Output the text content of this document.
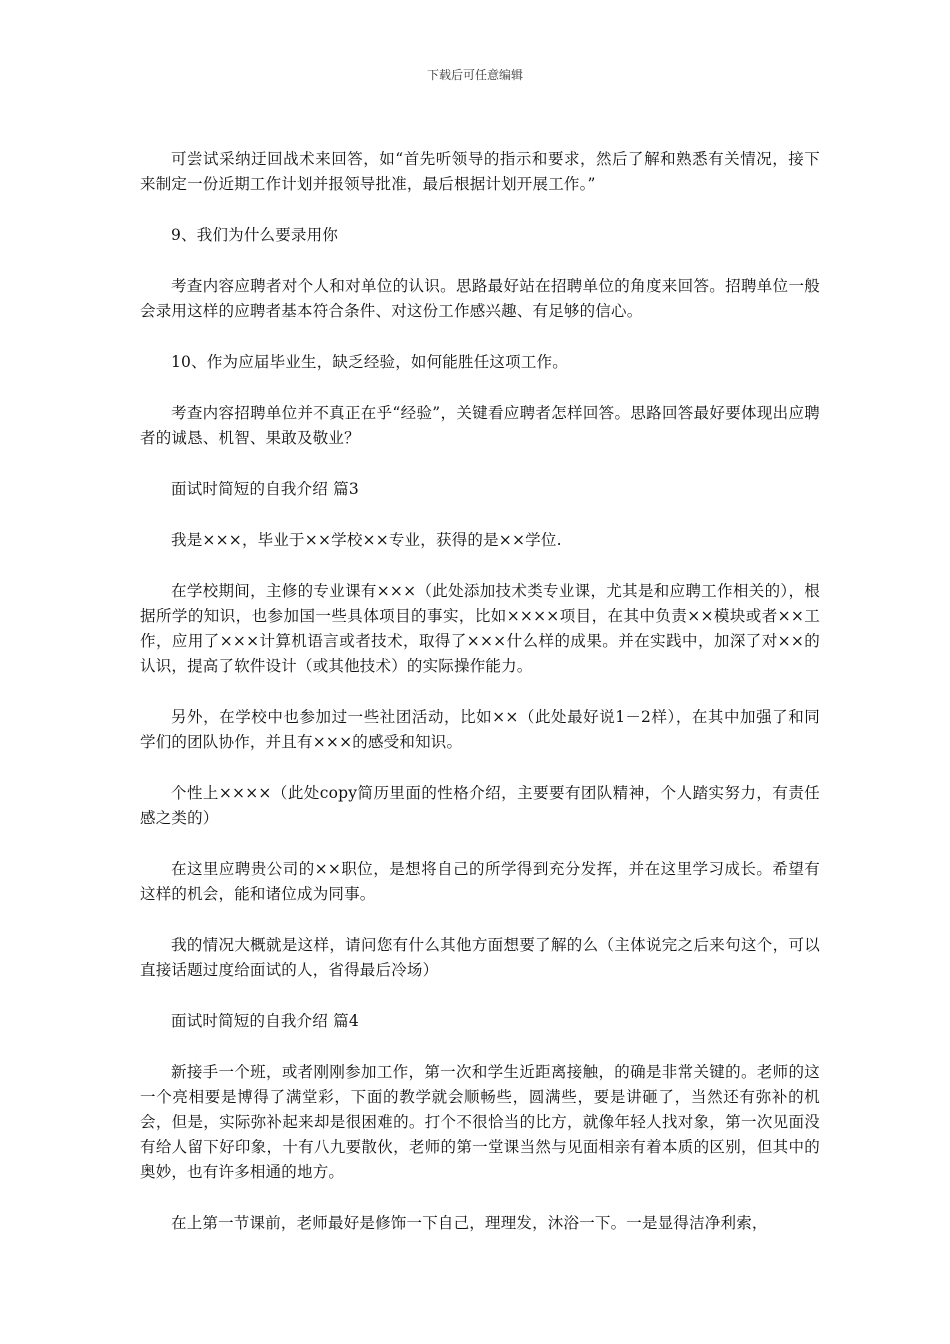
下载后可任意编辑

可尝试采纳迂回战术来回答，如“首先听领导的指示和要求，然后了解和熟悉有关情况，接下来制定一份近期工作计划并报领导批准，最后根据计划开展工作。”

9、我们为什么要录用你

考查内容应聘者对个人和对单位的认识。思路最好站在招聘单位的角度来回答。招聘单位一般会录用这样的应聘者基本符合条件、对这份工作感兴趣、有足够的信心。

10、作为应届毕业生，缺乏经验，如何能胜任这项工作。

考查内容招聘单位并不真正在乎“经验”，关键看应聘者怎样回答。思路回答最好要体现出应聘者的诚恳、机智、果敢及敬业？

面试时简短的自我介绍 篇3

我是×××，毕业于××学校××专业，获得的是××学位.

在学校期间，主修的专业课有×××（此处添加技术类专业课，尤其是和应聘工作相关的），根据所学的知识，也参加国一些具体项目的事实，比如××××项目，在其中负责××模块或者××工作，应用了×××计算机语言或者技术，取得了×××什么样的成果。并在实践中，加深了对××的认识，提高了软件设计（或其他技术）的实际操作能力。

另外，在学校中也参加过一些社团活动，比如××（此处最好说1－2样），在其中加强了和同学们的团队协作，并且有×××的感受和知识。

个性上××××（此处copy简历里面的性格介绍，主要要有团队精神，个人踏实努力，有责任感之类的）

在这里应聘贵公司的××职位，是想将自己的所学得到充分发挥，并在这里学习成长。希望有这样的机会，能和诸位成为同事。

我的情况大概就是这样，请问您有什么其他方面想要了解的么（主体说完之后来句这个，可以直接话题过度给面试的人，省得最后冷场）

面试时简短的自我介绍 篇4

新接手一个班，或者刚刚参加工作，第一次和学生近距离接触，的确是非常关键的。老师的这一个亮相要是博得了满堂彩，下面的教学就会顺畅些，圆满些，要是讲砸了，当然还有弥补的机会，但是，实际弥补起来却是很困难的。打个不很恰当的比方，就像年轻人找对象，第一次见面没有给人留下好印象，十有八九要散伙，老师的第一堂课当然与见面相亲有着本质的区别，但其中的奥妙，也有许多相通的地方。

在上第一节课前，老师最好是修饰一下自己，理理发，沐浴一下。一是显得洁净利索，
